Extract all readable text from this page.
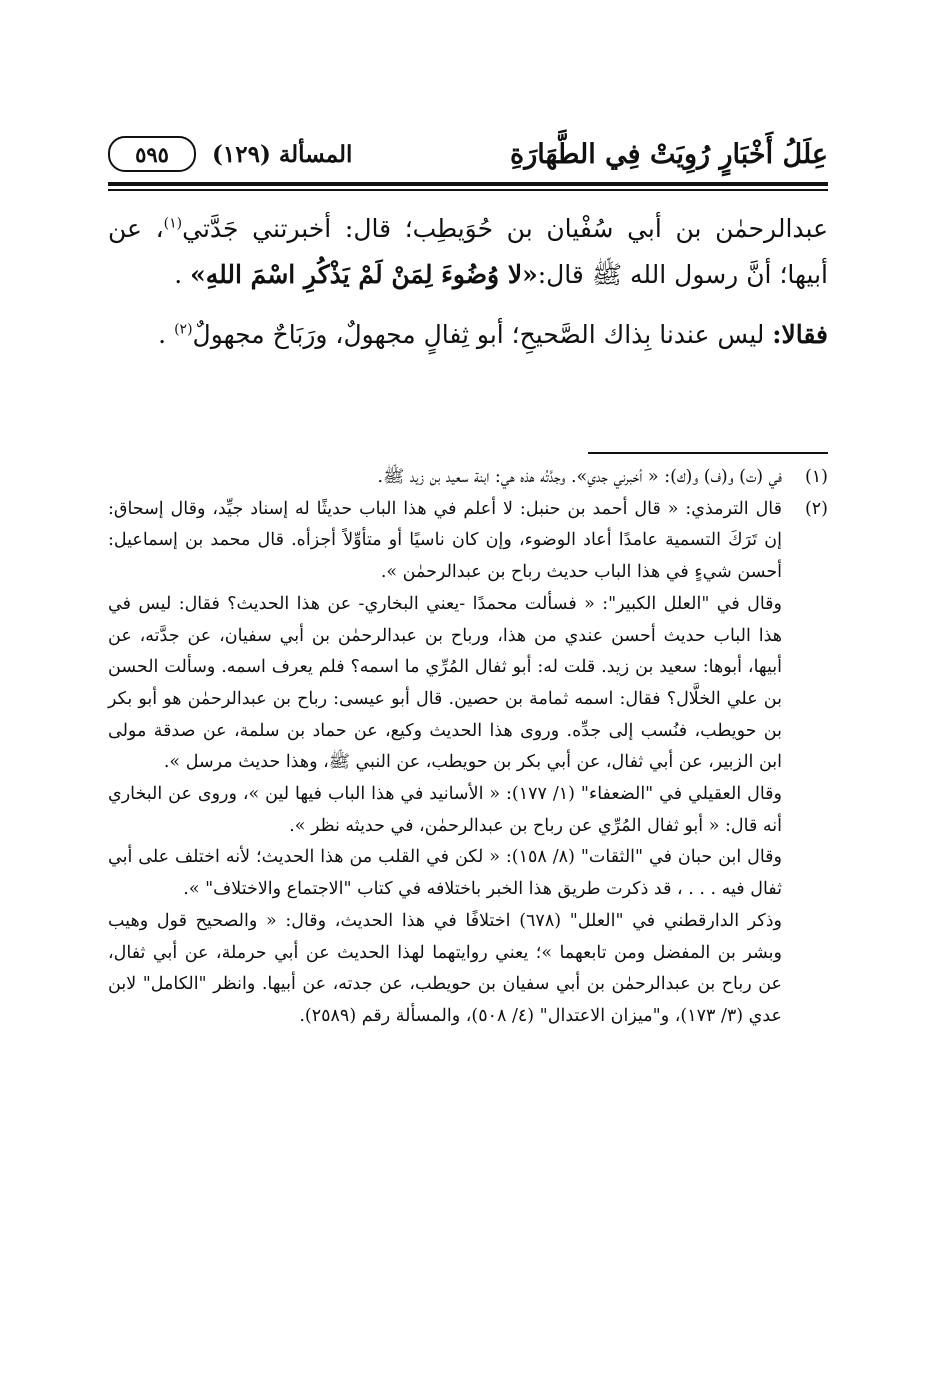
عِلَلُ أَخْبَارٍ رُوِيَتْ فِي الطَّهَارَةِ
المسألة (١٢٩)
٥٩٥

عبدالرحمٰن بن أبي سُفْيان بن حُوَيطِب؛ قال: أخبرتني جَدَّتي$^{(١)}$، عن أبيها؛ أنَّ رسول الله ﷺ قال:«لا وُضُوءَ لِمَنْ لَمْ يَذْكُرِ اسْمَ اللهِ» .

فقالا: ليس عندنا بِذاك الصَّحيحِ؛ أبو ثِفالٍ مجهولٌ، ورَبَاحٌ مجهولٌ$^{(٢)}$ .

(١)

في (ت) و(ف) و(ك): « أخبرني جدي». وجدَّتُه هذه هي: ابنة سعيد بن زيد ﷺ.

(٢)

قال الترمذي: « قال أحمد بن حنبل: لا أعلم في هذا الباب حديثًا له إسناد جيِّد، وقال إسحاق: إن تَرَكَ التسمية عامدًا أعاد الوضوء، وإن كان ناسيًا أو متأوِّلاً أجزأه. قال محمد بن إسماعيل: أحسن شيءٍ في هذا الباب حديث رباح بن عبدالرحمٰن ».

وقال في "العلل الكبير": « فسألت محمدًا -يعني البخاري- عن هذا الحديث؟ فقال: ليس في هذا الباب حديث أحسن عندي من هذا، ورباح بن عبدالرحمٰن بن أبي سفيان، عن جدَّته، عن أبيها، أبوها: سعيد بن زيد. قلت له: أبو ثفال المُرِّي ما اسمه؟ فلم يعرف اسمه. وسألت الحسن بن علي الخلَّال؟ فقال: اسمه ثمامة بن حصين. قال أبو عيسى: رباح بن عبدالرحمٰن هو أبو بكر بن حويطب، فنُسب إلى جدِّه. وروى هذا الحديث وكيع، عن حماد بن سلمة، عن صدقة مولى ابن الزبير، عن أبي ثفال، عن أبي بكر بن حويطب، عن النبي ﷺ، وهذا حديث مرسل ».

وقال العقيلي في "الضعفاء" (١/ ١٧٧): « الأسانيد في هذا الباب فيها لين »، وروى عن البخاري أنه قال: « أبو ثفال المُرِّي عن رباح بن عبدالرحمٰن، في حديثه نظر ».

وقال ابن حبان في "الثقات" (٨/ ١٥٨): « لكن في القلب من هذا الحديث؛ لأنه اختلف على أبي ثفال فيه . . . ، قد ذكرت طريق هذا الخبر باختلافه في كتاب "الاجتماع والاختلاف" ».

وذكر الدارقطني في "العلل" (٦٧٨) اختلافًا في هذا الحديث، وقال: « والصحيح قول وهيب وبشر بن المفضل ومن تابعهما »؛ يعني روايتهما لهذا الحديث عن أبي حرملة، عن أبي ثفال، عن رباح بن عبدالرحمٰن بن أبي سفيان بن حويطب، عن جدته، عن أبيها. وانظر "الكامل" لابن عدي (٣/ ١٧٣)، و"ميزان الاعتدال" (٤/ ٥٠٨)، والمسألة رقم (٢٥٨٩).
